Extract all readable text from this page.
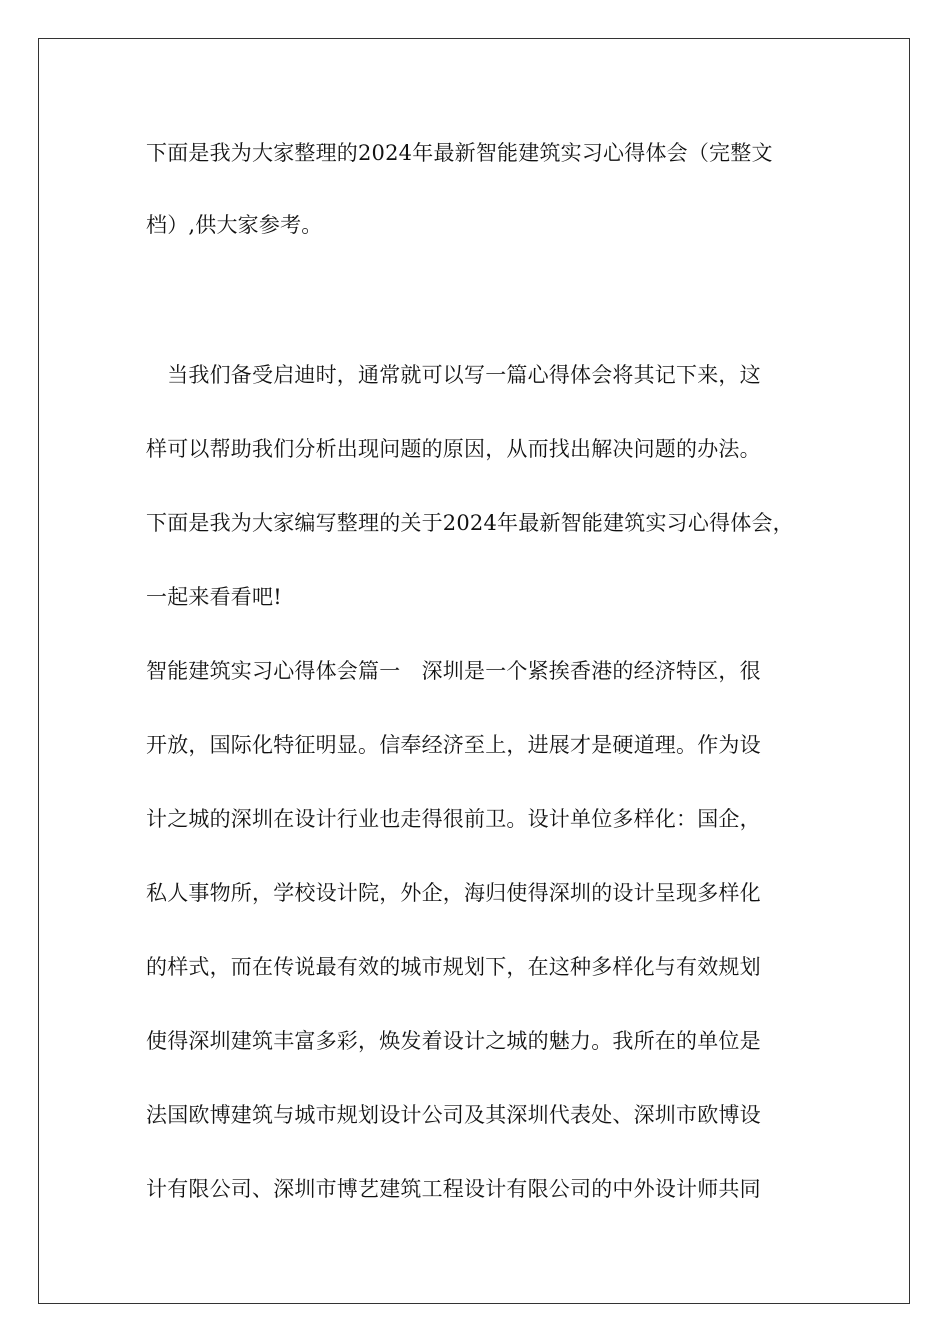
下面是我为大家整理的2024年最新智能建筑实习心得体会（完整文
档）,供大家参考。
　当我们备受启迪时，通常就可以写一篇心得体会将其记下来，这
样可以帮助我们分析出现问题的原因，从而找出解决问题的办法。
下面是我为大家编写整理的关于2024年最新智能建筑实习心得体会，
一起来看看吧!
智能建筑实习心得体会篇一　深圳是一个紧挨香港的经济特区，很
开放，国际化特征明显。信奉经济至上，进展才是硬道理。作为设
计之城的深圳在设计行业也走得很前卫。设计单位多样化：国企，
私人事物所，学校设计院，外企，海归使得深圳的设计呈现多样化
的样式，而在传说最有效的城市规划下，在这种多样化与有效规划
使得深圳建筑丰富多彩，焕发着设计之城的魅力。我所在的单位是
法国欧博建筑与城市规划设计公司及其深圳代表处、深圳市欧博设
计有限公司、深圳市博艺建筑工程设计有限公司的中外设计师共同
